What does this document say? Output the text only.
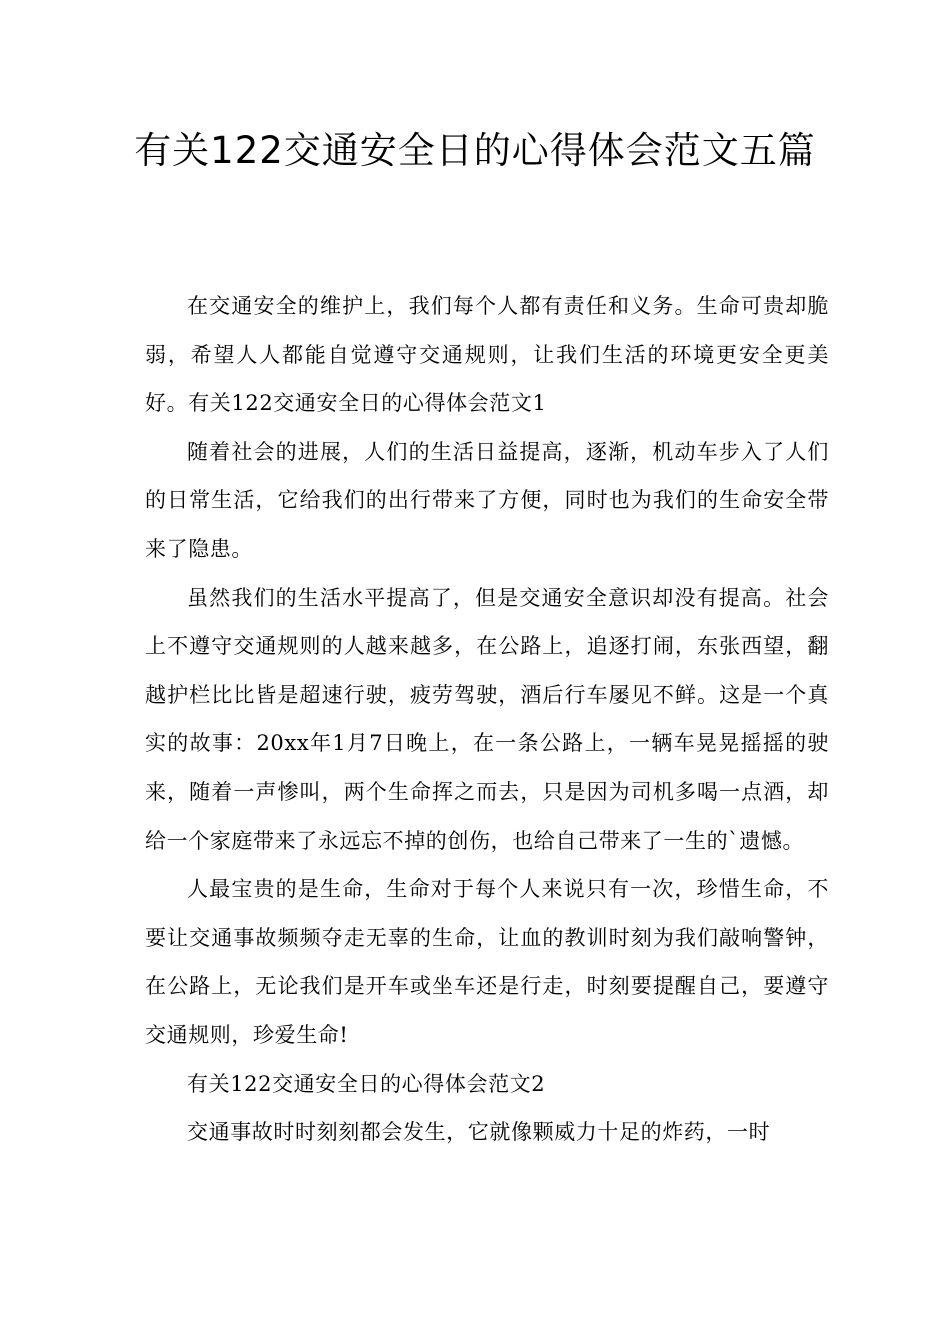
有关122交通安全日的心得体会范文五篇

在交通安全的维护上，我们每个人都有责任和义务。生命可贵却脆弱，希望人人都能自觉遵守交通规则，让我们生活的环境更安全更美好。有关122交通安全日的心得体会范文1

随着社会的进展，人们的生活日益提高，逐渐，机动车步入了人们的日常生活，它给我们的出行带来了方便，同时也为我们的生命安全带来了隐患。

虽然我们的生活水平提高了，但是交通安全意识却没有提高。社会上不遵守交通规则的人越来越多，在公路上，追逐打闹，东张西望，翻越护栏比比皆是超速行驶，疲劳驾驶，酒后行车屡见不鲜。这是一个真实的故事：20xx年1月7日晚上，在一条公路上，一辆车晃晃摇摇的驶来，随着一声惨叫，两个生命挥之而去，只是因为司机多喝一点酒，却给一个家庭带来了永远忘不掉的创伤，也给自己带来了一生的`遗憾。

人最宝贵的是生命，生命对于每个人来说只有一次，珍惜生命，不要让交通事故频频夺走无辜的生命，让血的教训时刻为我们敲响警钟，在公路上，无论我们是开车或坐车还是行走，时刻要提醒自己，要遵守交通规则，珍爱生命!

有关122交通安全日的心得体会范文2

交通事故时时刻刻都会发生，它就像颗威力十足的炸药，一时
